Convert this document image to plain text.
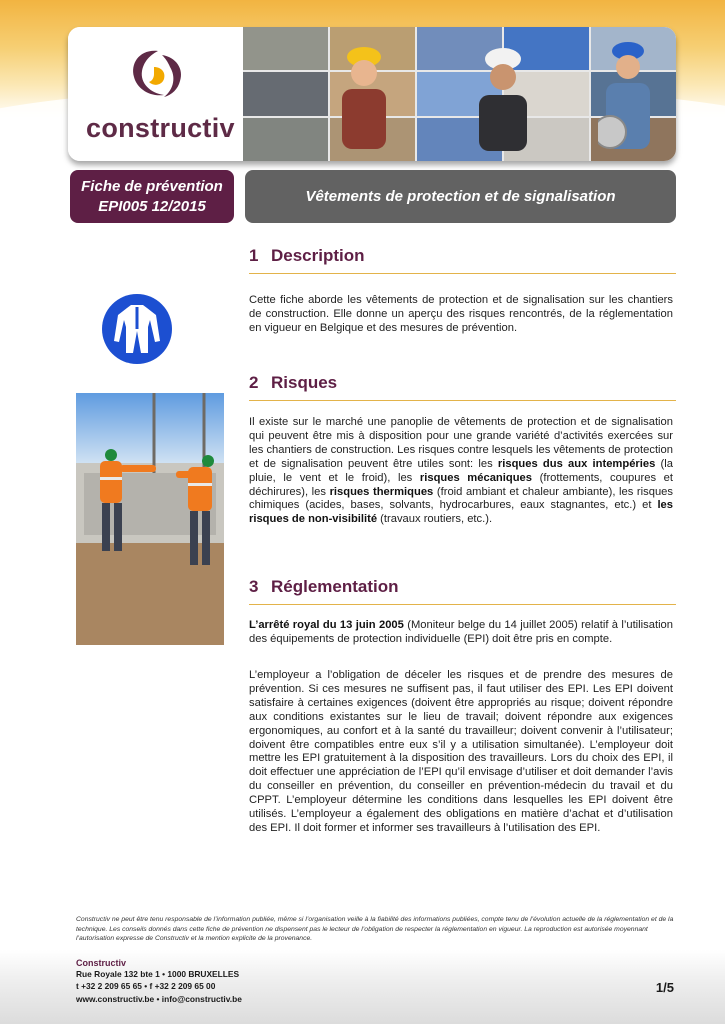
constructiv
Fiche de prévention
EPI005 12/2015
Vêtements de protection et de signalisation
1 Description
Cette fiche aborde les vêtements de protection et de signalisation sur les chantiers de construction. Elle donne un aperçu des risques rencontrés, de la réglementation en vigueur en Belgique et des mesures de prévention.
2 Risques
Il existe sur le marché une panoplie de vêtements de protection et de signalisation qui peuvent être mis à disposition pour une grande variété d’activités exercées sur les chantiers de construction. Les risques contre lesquels les vêtements de protection et de signalisation peuvent être utiles sont: les risques dus aux intempéries (la pluie, le vent et le froid), les risques mécaniques (frottements, coupures et déchirures), les risques thermiques (froid ambiant et chaleur ambiante), les risques chimiques (acides, bases, solvants, hydrocarbures, eaux stagnantes, etc.) et les risques de non-visibilité (travaux routiers, etc.).
3 Réglementation
L’arrêté royal du 13 juin 2005 (Moniteur belge du 14 juillet 2005) relatif à l’utilisation des équipements de protection individuelle (EPI) doit être pris en compte.
L’employeur a l’obligation de déceler les risques et de prendre des mesures de prévention. Si ces mesures ne suffisent pas, il faut utiliser des EPI. Les EPI doivent satisfaire à certaines exigences (doivent être appropriés au risque; doivent répondre aux conditions existantes sur le lieu de travail; doivent répondre aux exigences ergonomiques, au confort et à la santé du travailleur; doivent convenir à l’utilisateur; doivent être compatibles entre eux s’il y a utilisation simultanée). L’employeur doit mettre les EPI gratuitement à la disposition des travailleurs. Lors du choix des EPI, il doit effectuer une appréciation de l’EPI qu’il envisage d’utiliser et doit demander l’avis du conseiller en prévention, du conseiller en prévention-médecin du travail et du CPPT. L’employeur détermine les conditions dans lesquelles les EPI doivent être utilisés. L’employeur a également des obligations en matière d’achat et d’utilisation des EPI. Il doit former et informer ses travailleurs à l’utilisation des EPI.
Constructiv ne peut être tenu responsable de l’information publiée, même si l’organisation veille à la fiabilité des informations publiées, compte tenu de l’évolution actuelle de la réglementation et de la technique. Les conseils donnés dans cette fiche de prévention ne dispensent pas le lecteur de l’obligation de respecter la réglementation en vigueur. La reproduction est autorisée moyennant l’autorisation expresse de Constructiv et la mention explicite de la provenance.
Constructiv
Rue Royale 132 bte 1 • 1000 BRUXELLES
t +32 2 209 65 65 • f +32 2 209 65 00
www.constructiv.be • info@constructiv.be
1/5
